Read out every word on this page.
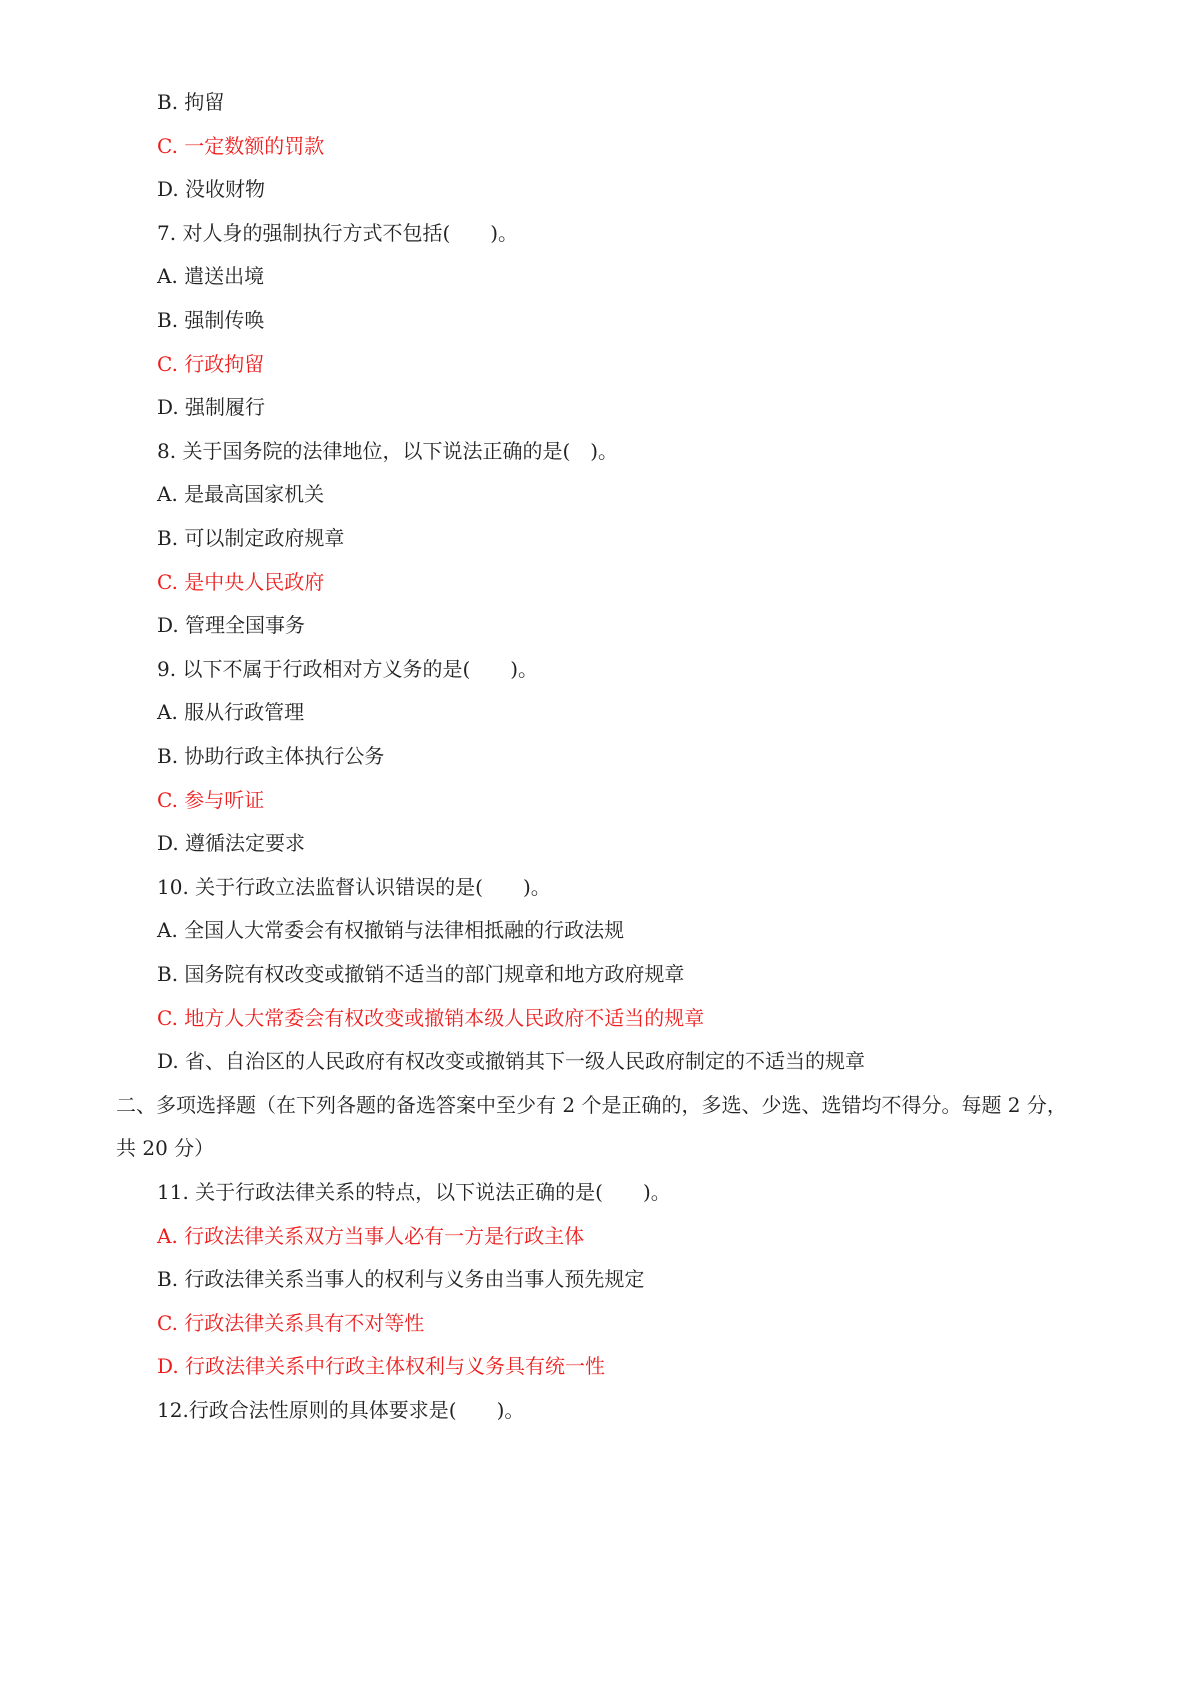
B. 拘留
C. 一定数额的罚款
D. 没收财物
7. 对人身的强制执行方式不包括(　　)。
A. 遣送出境
B. 强制传唤
C. 行政拘留
D. 强制履行
8. 关于国务院的法律地位，以下说法正确的是(　)。
A. 是最高国家机关
B. 可以制定政府规章
C. 是中央人民政府
D. 管理全国事务
9. 以下不属于行政相对方义务的是(　　)。
A. 服从行政管理
B. 协助行政主体执行公务
C. 参与听证
D. 遵循法定要求
10. 关于行政立法监督认识错误的是(　　)。
A. 全国人大常委会有权撤销与法律相抵融的行政法规
B. 国务院有权改变或撤销不适当的部门规章和地方政府规章
C. 地方人大常委会有权改变或撤销本级人民政府不适当的规章
D. 省、自治区的人民政府有权改变或撤销其下一级人民政府制定的不适当的规章
二、多项选择题（在下列各题的备选答案中至少有 2 个是正确的，多选、少选、选错均不得分。每题 2 分，
共 20 分）
11. 关于行政法律关系的特点，以下说法正确的是(　　)。
A. 行政法律关系双方当事人必有一方是行政主体
B. 行政法律关系当事人的权利与义务由当事人预先规定
C. 行政法律关系具有不对等性
D. 行政法律关系中行政主体权利与义务具有统一性
12.行政合法性原则的具体要求是(　　)。
